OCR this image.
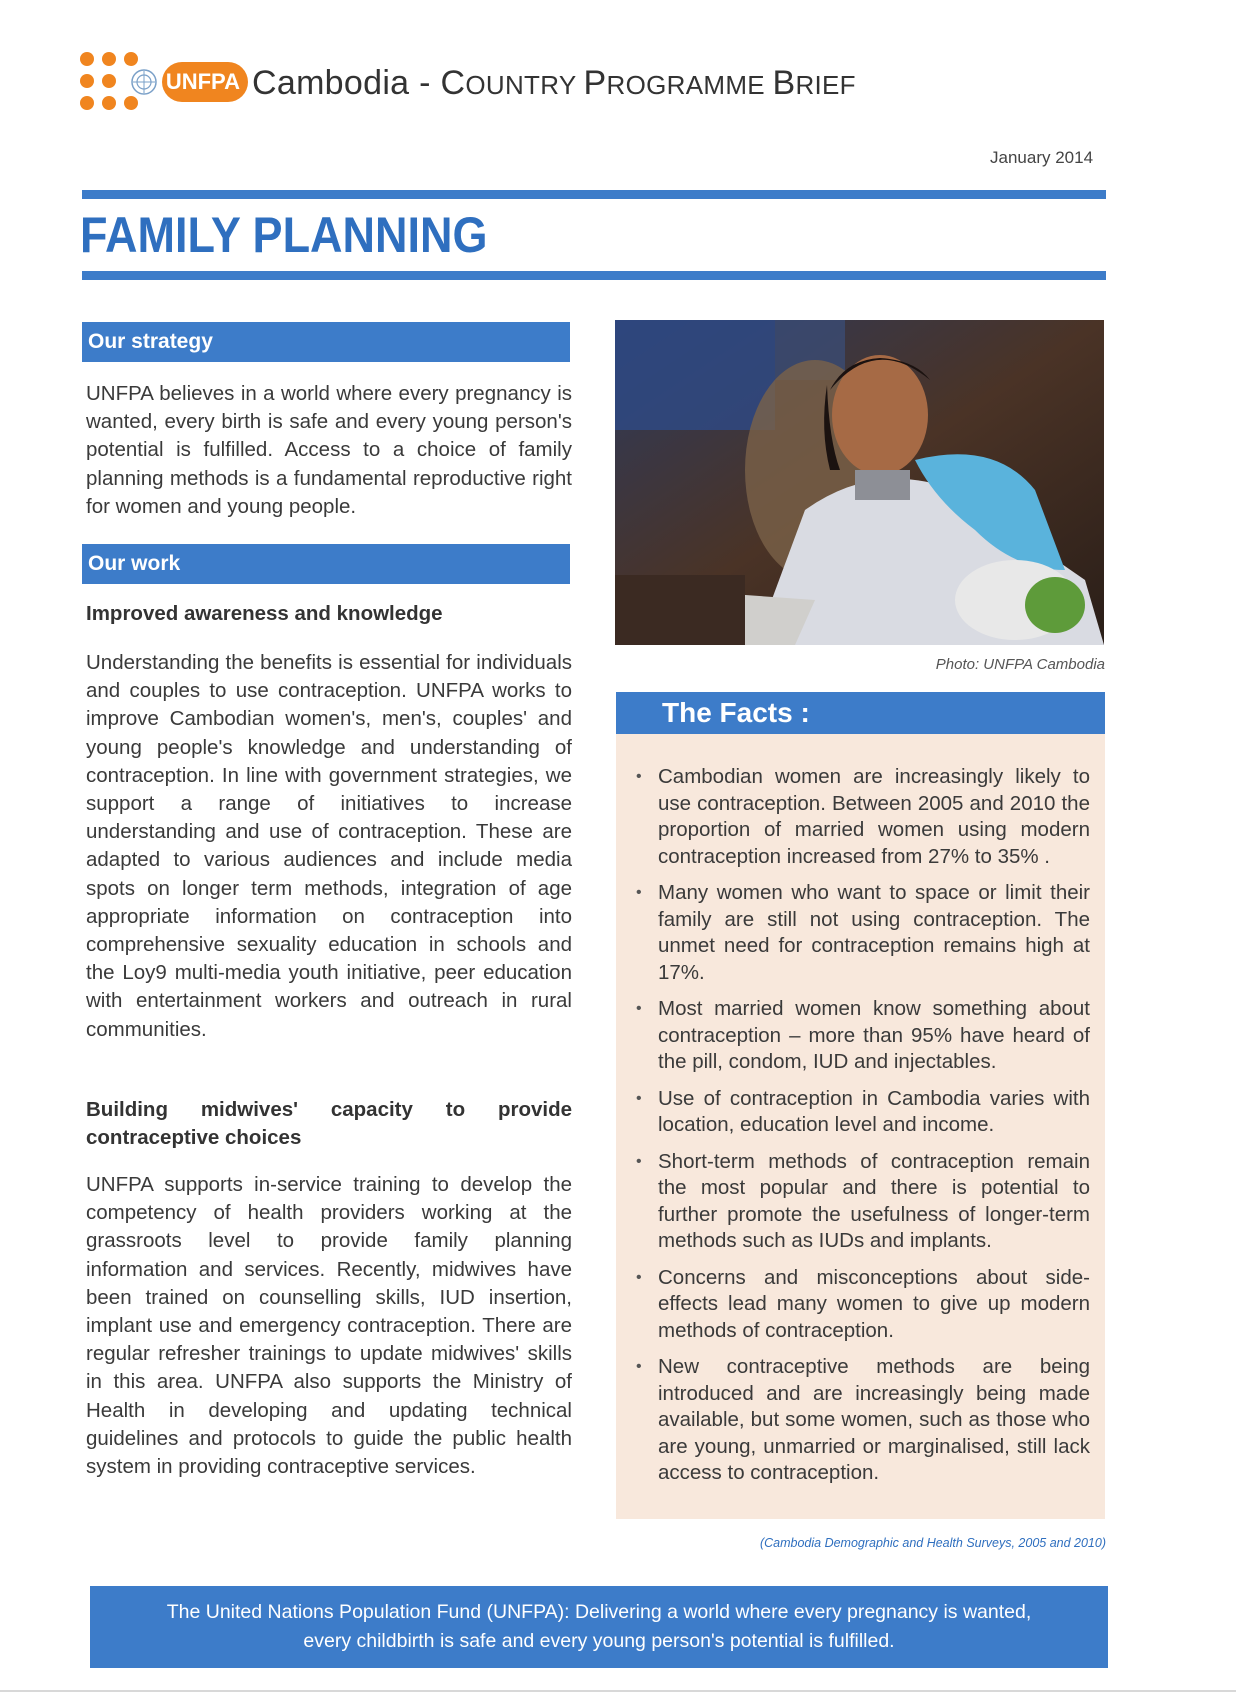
UNFPA Cambodia - COUNTRY PROGRAMME BRIEF
January 2014
FAMILY PLANNING
Our strategy
UNFPA believes in a world where every pregnancy is wanted, every birth is safe and every young person's potential is fulfilled. Access to a choice of family planning methods is a fundamental reproductive right for women and young people.
Our work
Improved awareness and knowledge
Understanding the benefits is essential for individuals and couples to use contraception. UNFPA works to improve Cambodian women's, men's, couples' and young people's knowledge and understanding of contraception. In line with government strategies, we support a range of initiatives to increase understanding and use of contraception. These are adapted to various audiences and include media spots on longer term methods, integration of age appropriate information on contraception into comprehensive sexuality education in schools and the Loy9 multi-media youth initiative, peer education with entertainment workers and outreach in rural communities.
Building midwives' capacity to provide
contraceptive choices
UNFPA supports in-service training to develop the competency of health providers working at the grassroots level to provide family planning information and services. Recently, midwives have been trained on counselling skills, IUD insertion, implant use and emergency contraception. There are regular refresher trainings to update midwives' skills in this area. UNFPA also supports the Ministry of Health in developing and updating technical guidelines and protocols to guide the public health system in providing contraceptive services.
Photo: UNFPA Cambodia
The Facts :
• Cambodian women are increasingly likely to use contraception. Between 2005 and 2010 the proportion of married women using modern contraception increased from 27% to 35% .
• Many women who want to space or limit their family are still not using contraception. The unmet need for contraception remains high at 17%.
• Most married women know something about contraception – more than 95% have heard of the pill, condom, IUD and injectables.
• Use of contraception in Cambodia varies with location, education level and income.
• Short-term methods of contraception remain the most popular and there is potential to further promote the usefulness of longer-term methods such as IUDs and implants.
• Concerns and misconceptions about side-effects lead many women to give up modern methods of contraception.
• New contraceptive methods are being introduced and are increasingly being made available, but some women, such as those who are young, unmarried or marginalised, still lack access to contraception.
(Cambodia Demographic and Health Surveys, 2005 and 2010)
The United Nations Population Fund (UNFPA): Delivering a world where every pregnancy is wanted,
every childbirth is safe and every young person's potential is fulfilled.
